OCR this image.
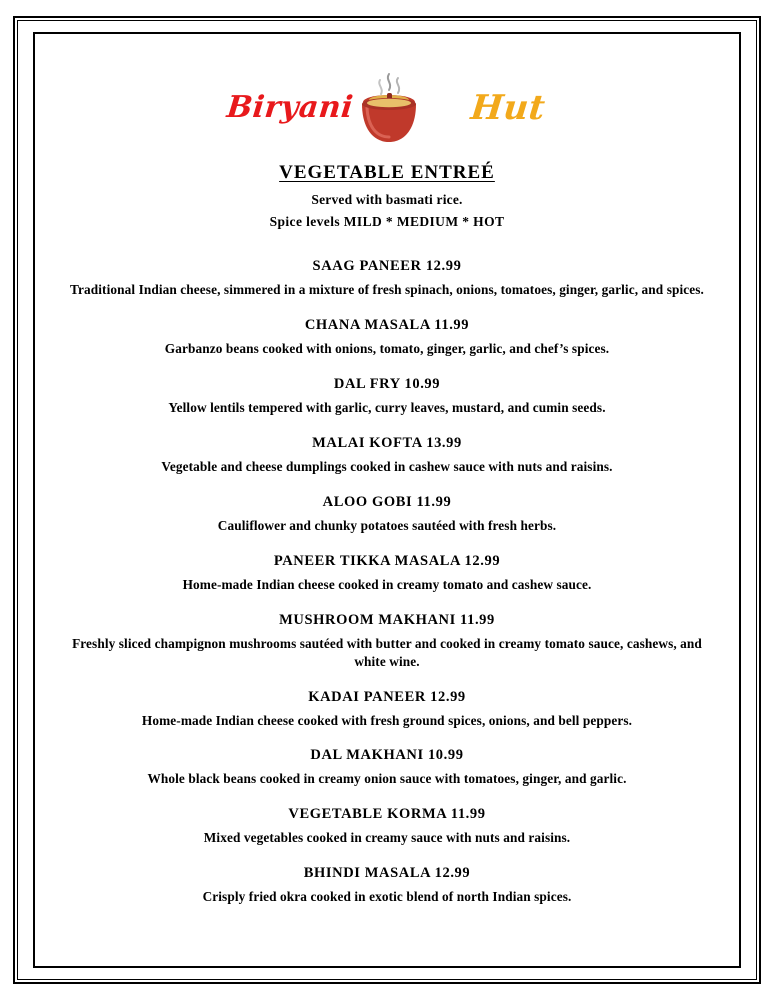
Biryani	Hut
VEGETABLE ENTREÉ
Served with basmati rice.
Spice levels MILD * MEDIUM * HOT
SAAG PANEER 12.99
Traditional Indian cheese, simmered in a mixture of fresh spinach, onions, tomatoes, ginger, garlic, and spices.
CHANA MASALA 11.99
Garbanzo beans cooked with onions, tomato, ginger, garlic, and chef’s spices.
DAL FRY 10.99
Yellow lentils tempered with garlic, curry leaves, mustard, and cumin seeds.
MALAI KOFTA 13.99
Vegetable and cheese dumplings cooked in cashew sauce with nuts and raisins.
ALOO GOBI 11.99
Cauliflower and chunky potatoes sautéed with fresh herbs.
PANEER TIKKA MASALA 12.99
Home-made Indian cheese cooked in creamy tomato and cashew sauce.
MUSHROOM MAKHANI 11.99
Freshly sliced champignon mushrooms sautéed with butter and cooked in creamy tomato sauce, cashews, and white wine.
KADAI PANEER 12.99
Home-made Indian cheese cooked with fresh ground spices, onions, and bell peppers.
DAL MAKHANI 10.99
Whole black beans cooked in creamy onion sauce with tomatoes, ginger, and garlic.
VEGETABLE KORMA 11.99
Mixed vegetables cooked in creamy sauce with nuts and raisins.
BHINDI MASALA 12.99
Crisply fried okra cooked in exotic blend of north Indian spices.
